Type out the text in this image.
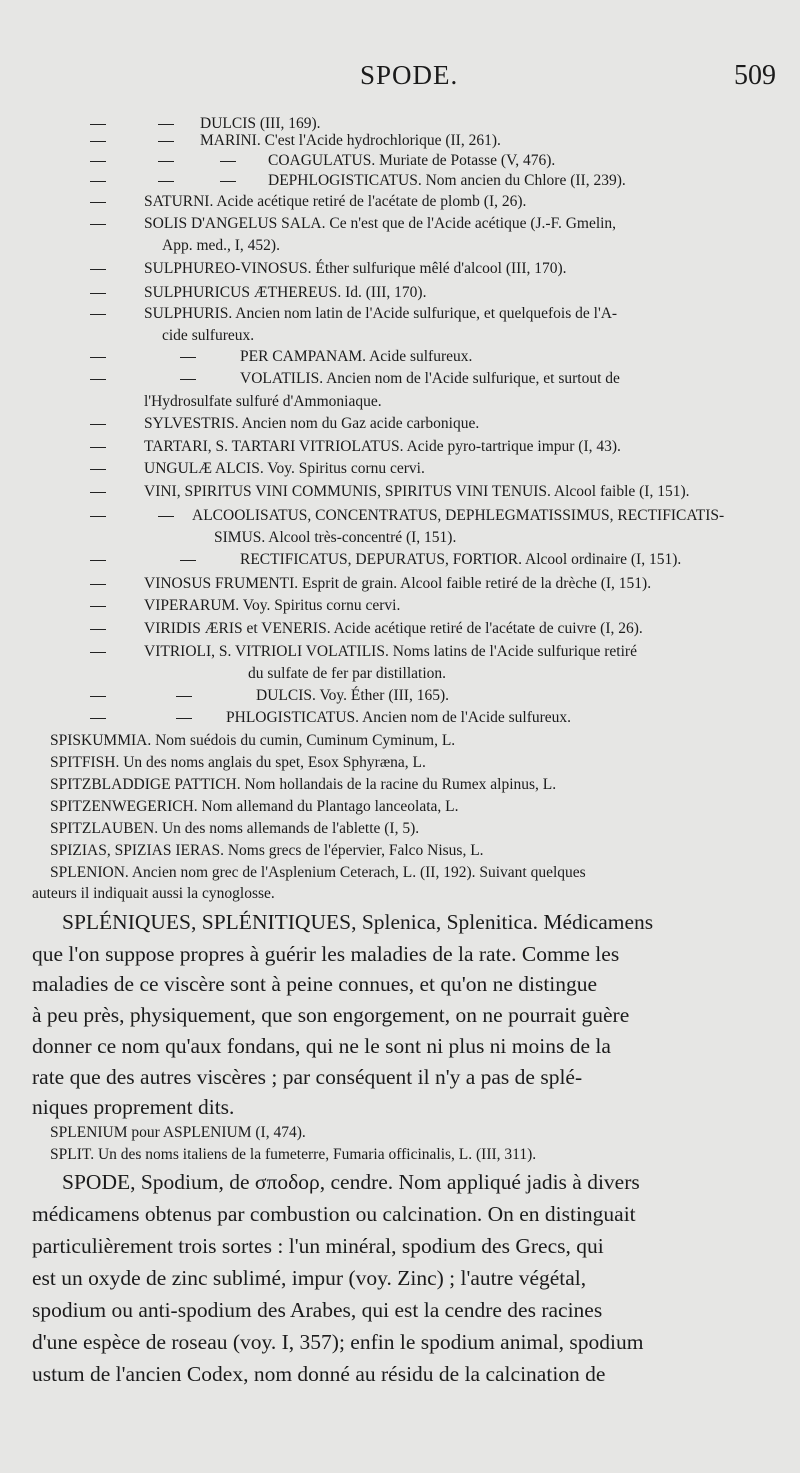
SPODE.	509
DULCIS (III, 169).
MARINI. C'est l'Acide hydrochlorique (II, 261).
COAGULATUS. Muriate de Potasse (V, 476).
DEPHLOGISTICATUS. Nom ancien du Chlore (II, 239).
SATURNI. Acide acétique retiré de l'acétate de plomb (I, 26).
SOLIS D'ANGELUS SALA. Ce n'est que de l'Acide acétique (J.-F. Gmelin,
App. med., I, 452).
SULPHUREO-VINOSUS. Éther sulfurique mêlé d'alcool (III, 170).
SULPHURICUS ÆTHEREUS. Id. (III, 170).
SULPHURIS. Ancien nom latin de l'Acide sulfurique, et quelquefois de l'A-
cide sulfureux.
PER CAMPANAM. Acide sulfureux.
VOLATILIS. Ancien nom de l'Acide sulfurique, et surtout de
l'Hydrosulfate sulfuré d'Ammoniaque.
SYLVESTRIS. Ancien nom du Gaz acide carbonique.
TARTARI, S. TARTARI VITRIOLATUS. Acide pyro-tartrique impur (I, 43).
UNGULÆ ALCIS. Voy. Spiritus cornu cervi.
VINI, SPIRITUS VINI COMMUNIS, SPIRITUS VINI TENUIS. Alcool faible (I, 151).
ALCOOLISATUS, CONCENTRATUS, DEPHLEGMATISSIMUS, RECTIFICATIS-
SIMUS. Alcool très-concentré (I, 151).
RECTIFICATUS, DEPURATUS, FORTIOR. Alcool ordinaire (I, 151).
VINOSUS FRUMENTI. Esprit de grain. Alcool faible retiré de la drèche (I, 151).
VIPERARUM. Voy. Spiritus cornu cervi.
VIRIDIS ÆRIS et VENERIS. Acide acétique retiré de l'acétate de cuivre (I, 26).
VITRIOLI, S. VITRIOLI VOLATILIS. Noms latins de l'Acide sulfurique retiré
du sulfate de fer par distillation.
DULCIS. Voy. Éther (III, 165).
PHLOGISTICATUS. Ancien nom de l'Acide sulfureux.
SPISKUMMIA. Nom suédois du cumin, Cuminum Cyminum, L.
SPITFISH. Un des noms anglais du spet, Esox Sphyræna, L.
SPITZBLADDIGE PATTICH. Nom hollandais de la racine du Rumex alpinus, L.
SPITZENWEGERICH. Nom allemand du Plantago lanceolata, L.
SPITZLAUBEN. Un des noms allemands de l'ablette (I, 5).
SPIZIAS, SPIZIAS IERAS. Noms grecs de l'épervier, Falco Nisus, L.
SPLENION. Ancien nom grec de l'Asplenium Ceterach, L. (II, 192). Suivant quelques
auteurs il indiquait aussi la cynoglosse.
SPLÉNIQUES, SPLÉNITIQUES, Splenica, Splenitica. Médicamens
que l'on suppose propres à guérir les maladies de la rate. Comme les
maladies de ce viscère sont à peine connues, et qu'on ne distingue
à peu près, physiquement, que son engorgement, on ne pourrait guère
donner ce nom qu'aux fondans, qui ne le sont ni plus ni moins de la
rate que des autres viscères ; par conséquent il n'y a pas de splé-
niques proprement dits.
SPLENIUM pour ASPLENIUM (I, 474).
SPLIT. Un des noms italiens de la fumeterre, Fumaria officinalis, L. (III, 311).
SPODE, Spodium, de σποδορ, cendre. Nom appliqué jadis à divers
médicamens obtenus par combustion ou calcination. On en distinguait
particulièrement trois sortes : l'un minéral, spodium des Grecs, qui
est un oxyde de zinc sublimé, impur (voy. Zinc) ; l'autre végétal,
spodium ou anti-spodium des Arabes, qui est la cendre des racines
d'une espèce de roseau (voy. I, 357); enfin le spodium animal, spodium
ustum de l'ancien Codex, nom donné au résidu de la calcination de
